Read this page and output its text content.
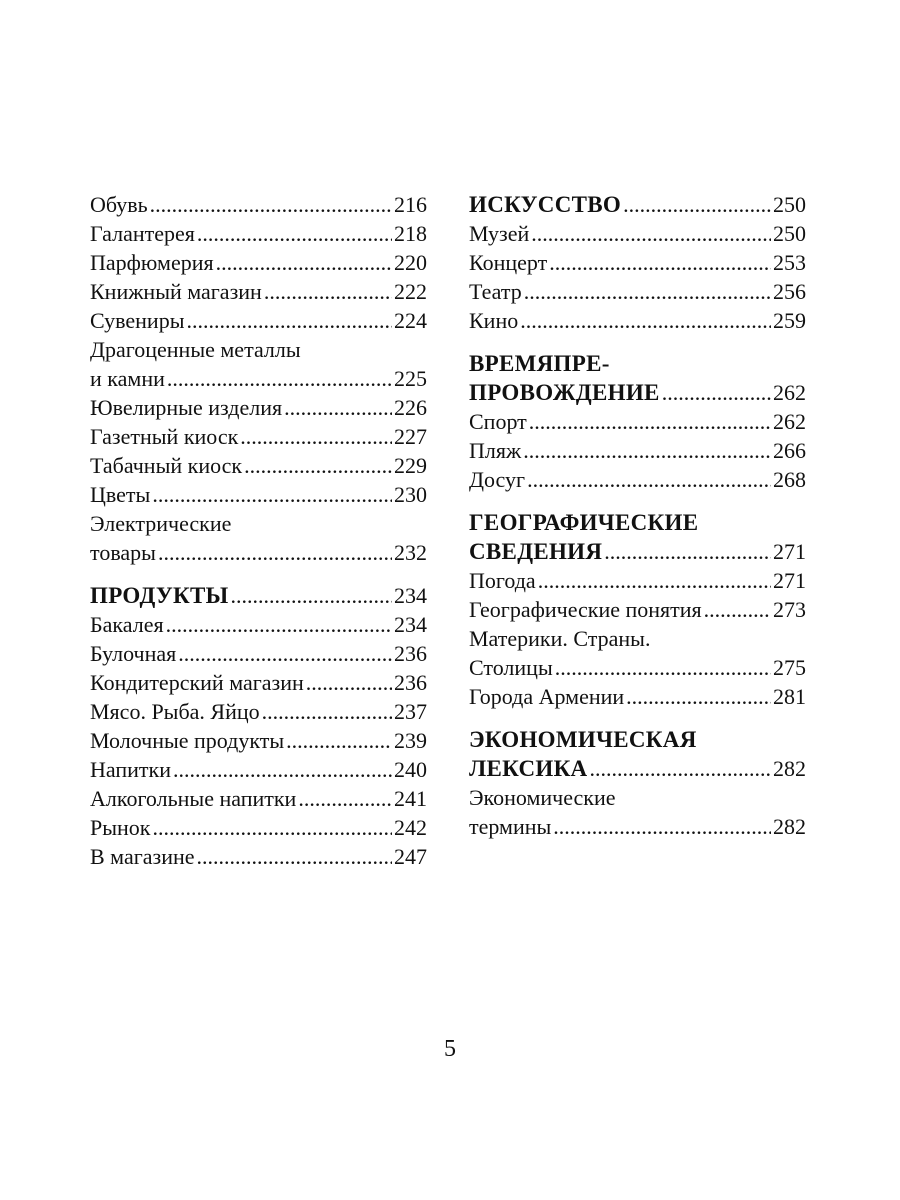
Обувь .....	216
Галантерея .....	218
Парфюмерия .....	220
Книжный магазин .....	222
Сувениры .....	224
Драгоценные металлы
и камни .....	225
Ювелирные изделия .....	226
Газетный киоск .....	227
Табачный киоск .....	229
Цветы .....	230
Электрические
товары .....	232
ПРОДУКТЫ .....	234
Бакалея .....	234
Булочная .....	236
Кондитерский магазин .....	236
Мясо. Рыба. Яйцо .....	237
Молочные продукты .....	239
Напитки .....	240
Алкогольные напитки .....	241
Рынок .....	242
В магазине .....	247
ИСКУССТВО .....	250
Музей .....	250
Концерт .....	253
Театр .....	256
Кино .....	259
ВРЕМЯПРЕ-
ПРОВОЖДЕНИЕ .....	262
Спорт .....	262
Пляж .....	266
Досуг .....	268
ГЕОГРАФИЧЕСКИЕ
СВЕДЕНИЯ .....	271
Погода .....	271
Географические понятия .....	273
Материки. Страны.
Столицы .....	275
Города Армении .....	281
ЭКОНОМИЧЕСКАЯ
ЛЕКСИКА .....	282
Экономические
термины .....	282
5
